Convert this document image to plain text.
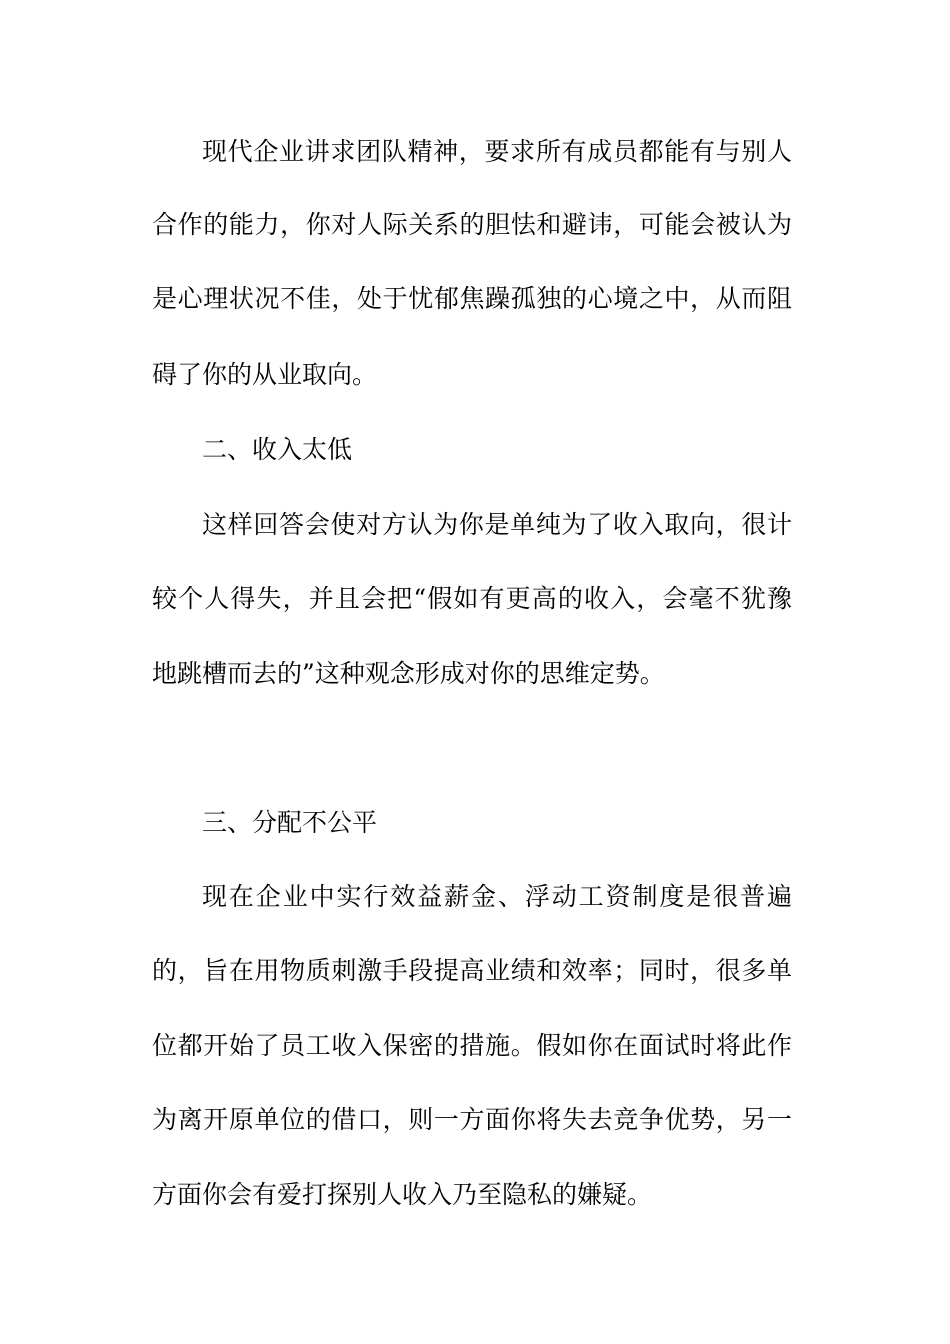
现代企业讲求团队精神，要求所有成员都能有与别人
合作的能力，你对人际关系的胆怯和避讳，可能会被认为
是心理状况不佳，处于忧郁焦躁孤独的心境之中，从而阻
碍了你的从业取向。
二、收入太低
这样回答会使对方认为你是单纯为了收入取向，很计
较个人得失，并且会把“假如有更高的收入，会毫不犹豫
地跳槽而去的”这种观念形成对你的思维定势。
三、分配不公平
现在企业中实行效益薪金、浮动工资制度是很普遍
的，旨在用物质刺激手段提高业绩和效率；同时，很多单
位都开始了员工收入保密的措施。假如你在面试时将此作
为离开原单位的借口，则一方面你将失去竞争优势，另一
方面你会有爱打探别人收入乃至隐私的嫌疑。
